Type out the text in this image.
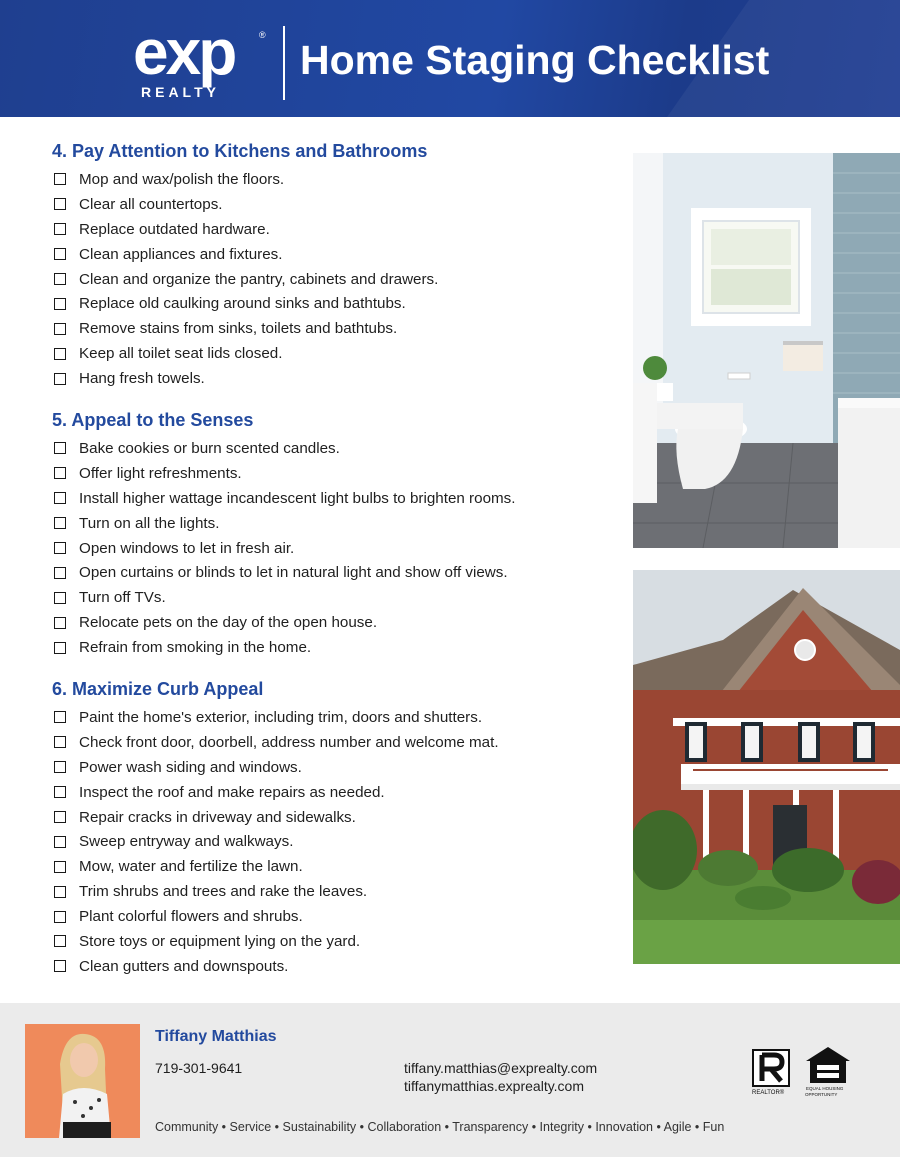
exp	®
REALTY
Home Staging Checklist
4. Pay Attention to Kitchens and Bathrooms
Mop and wax/polish the floors.
Clear all countertops.
Replace outdated hardware.
Clean appliances and fixtures.
Clean and organize the pantry, cabinets and drawers.
Replace old caulking around sinks and bathtubs.
Remove stains from sinks, toilets and bathtubs.
Keep all toilet seat lids closed.
Hang fresh towels.
5. Appeal to the Senses
Bake cookies or burn scented candles.
Offer light refreshments.
Install higher wattage incandescent light bulbs to brighten rooms.
Turn on all the lights.
Open windows to let in fresh air.
Open curtains or blinds to let in natural light and show off views.
Turn off TVs.
Relocate pets on the day of the open house.
Refrain from smoking in the home.
6. Maximize Curb Appeal
Paint the home's exterior, including trim, doors and shutters.
Check front door, doorbell, address number and welcome mat.
Power wash siding and windows.
Inspect the roof and make repairs as needed.
Repair cracks in driveway and sidewalks.
Sweep entryway and walkways.
Mow, water and fertilize the lawn.
Trim shrubs and trees and rake the leaves.
Plant colorful flowers and shrubs.
Store toys or equipment lying on the yard.
Clean gutters and downspouts.
Tiffany Matthias
719-301-9641	tiffany.matthias@exprealty.com
tiffanymatthias.exprealty.com	REALTOR®
EQUAL HOUSING
OPPORTUNITY
Community • Service • Sustainability • Collaboration • Transparency • Integrity • Innovation • Agile • Fun
